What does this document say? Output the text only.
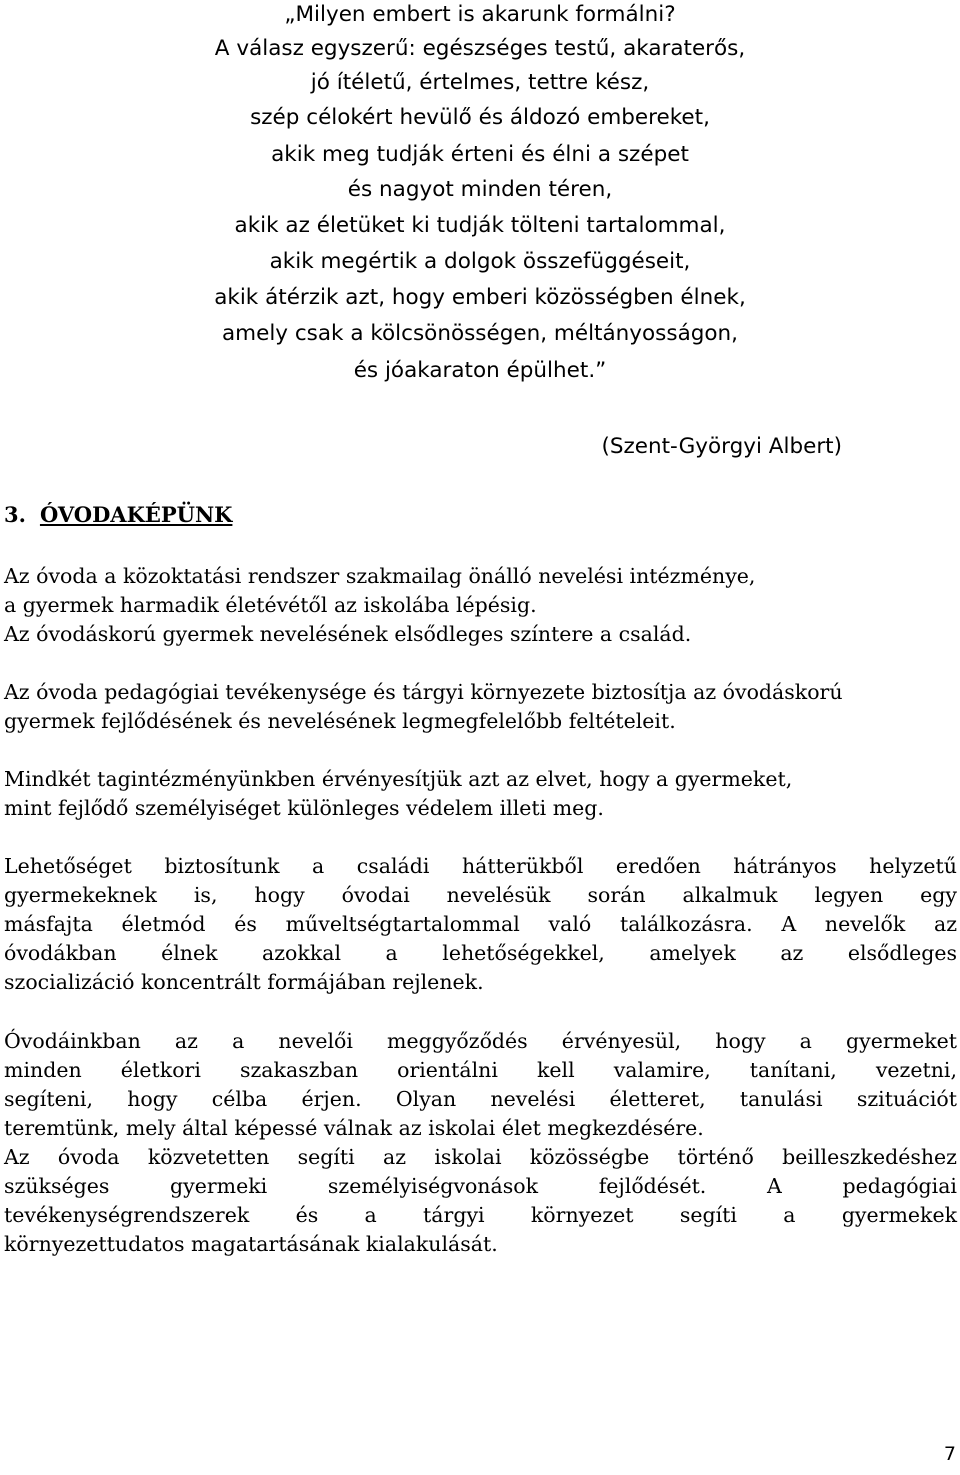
„Milyen embert is akarunk formálni?
A válasz egyszerű: egészséges testű, akaraterős,
jó ítéletű, értelmes, tettre kész,
szép célokért hevülő és áldozó embereket,
akik meg tudják érteni és élni a szépet
és nagyot minden téren,
akik az életüket ki tudják tölteni tartalommal,
akik megértik a dolgok összefüggéseit,
akik átérzik azt, hogy emberi közösségben élnek,
amely csak a kölcsönösségen, méltányosságon,
és jóakaraton épülhet.”
(Szent-Györgyi Albert)
3. ÓVODAKÉPÜNK
Az óvoda a közoktatási rendszer szakmailag önálló nevelési intézménye,
a gyermek harmadik életévétől az iskolába lépésig.
Az óvodáskorú gyermek nevelésének elsődleges színtere a család.
Az óvoda pedagógiai tevékenysége és tárgyi környezete biztosítja az óvodáskorú
gyermek fejlődésének és nevelésének legmegfelelőbb feltételeit.
Mindkét tagintézményünkben érvényesítjük azt az elvet, hogy a gyermeket,
mint fejlődő személyiséget különleges védelem illeti meg.
Lehetőséget biztosítunk a családi hátterükből eredően hátrányos helyzetű
gyermekeknek is, hogy óvodai nevelésük során alkalmuk legyen egy
másfajta életmód és műveltségtartalommal való találkozásra. A nevelők az
óvodákban élnek azokkal a lehetőségekkel, amelyek az elsődleges
szocializáció koncentrált formájában rejlenek.
Óvodáinkban az a nevelői meggyőződés érvényesül, hogy a gyermeket
minden életkori szakaszban orientálni kell valamire, tanítani, vezetni,
segíteni, hogy célba érjen. Olyan nevelési életteret, tanulási szituációt
teremtünk, mely által képessé válnak az iskolai élet megkezdésére.
Az óvoda közvetetten segíti az iskolai közösségbe történő beilleszkedéshez
szükséges gyermeki személyiségvonások fejlődését. A pedagógiai
tevékenységrendszerek és a tárgyi környezet segíti a gyermekek
környezettudatos magatartásának kialakulását.
7
